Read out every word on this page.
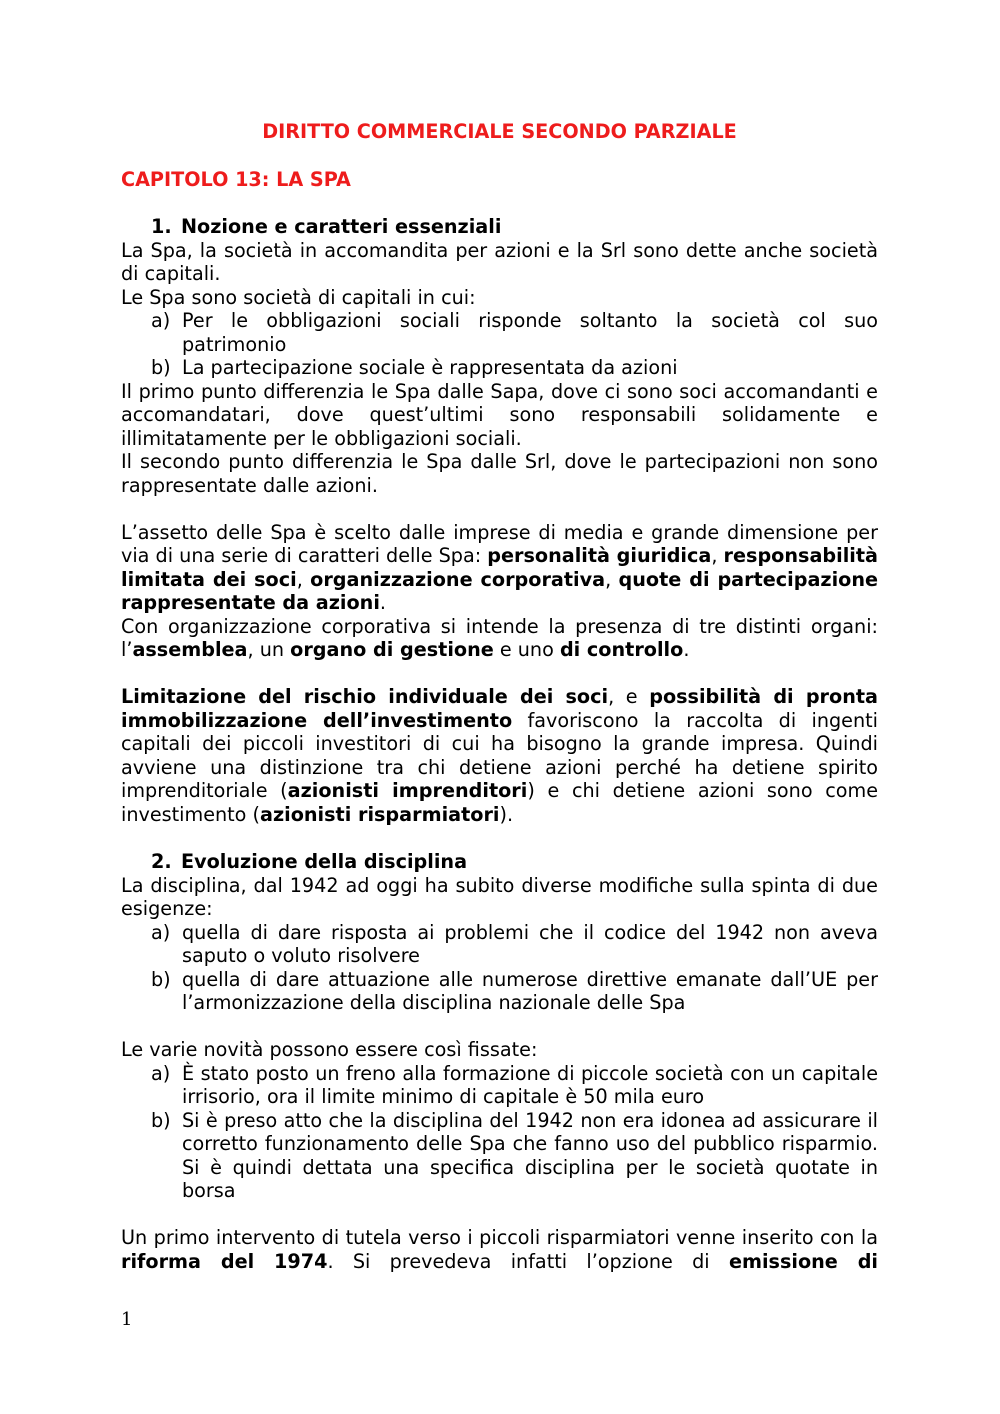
DIRITTO COMMERCIALE SECONDO PARZIALE
CAPITOLO 13: LA SPA
1. Nozione e caratteri essenziali

La Spa, la società in accomandita per azioni e la Srl sono dette anche società di capitali.

Le Spa sono società di capitali in cui:

a) Per le obbligazioni sociali risponde soltanto la società col suo patrimonio
b) La partecipazione sociale è rappresentata da azioni

Il primo punto differenzia le Spa dalle Sapa, dove ci sono soci accomandanti e accomandatari, dove quest’ultimi sono responsabili solidamente e illimitatamente per le obbligazioni sociali.

Il secondo punto differenzia le Spa dalle Srl, dove le partecipazioni non sono rappresentate dalle azioni.

L’assetto delle Spa è scelto dalle imprese di media e grande dimensione per via di una serie di caratteri delle Spa: personalità giuridica, responsabilità limitata dei soci, organizzazione corporativa, quote di partecipazione rappresentate da azioni.

Con organizzazione corporativa si intende la presenza di tre distinti organi: l’assemblea, un organo di gestione e uno di controllo.

Limitazione del rischio individuale dei soci, e possibilità di pronta immobilizzazione dell’investimento favoriscono la raccolta di ingenti capitali dei piccoli investitori di cui ha bisogno la grande impresa. Quindi avviene una distinzione tra chi detiene azioni perché ha detiene spirito imprenditoriale (azionisti imprenditori) e chi detiene azioni sono come investimento (azionisti risparmiatori).

2. Evoluzione della disciplina

La disciplina, dal 1942 ad oggi ha subito diverse modifiche sulla spinta di due esigenze:

a) quella di dare risposta ai problemi che il codice del 1942 non aveva saputo o voluto risolvere
b) quella di dare attuazione alle numerose direttive emanate dall’UE per l’armonizzazione della disciplina nazionale delle Spa

Le varie novità possono essere così fissate:

a) È stato posto un freno alla formazione di piccole società con un capitale irrisorio, ora il limite minimo di capitale è 50 mila euro
b) Si è preso atto che la disciplina del 1942 non era idonea ad assicurare il corretto funzionamento delle Spa che fanno uso del pubblico risparmio. Si è quindi dettata una specifica disciplina per le società quotate in borsa

Un primo intervento di tutela verso i piccoli risparmiatori venne inserito con la riforma del 1974. Si prevedeva infatti l’opzione di emissione di

1
